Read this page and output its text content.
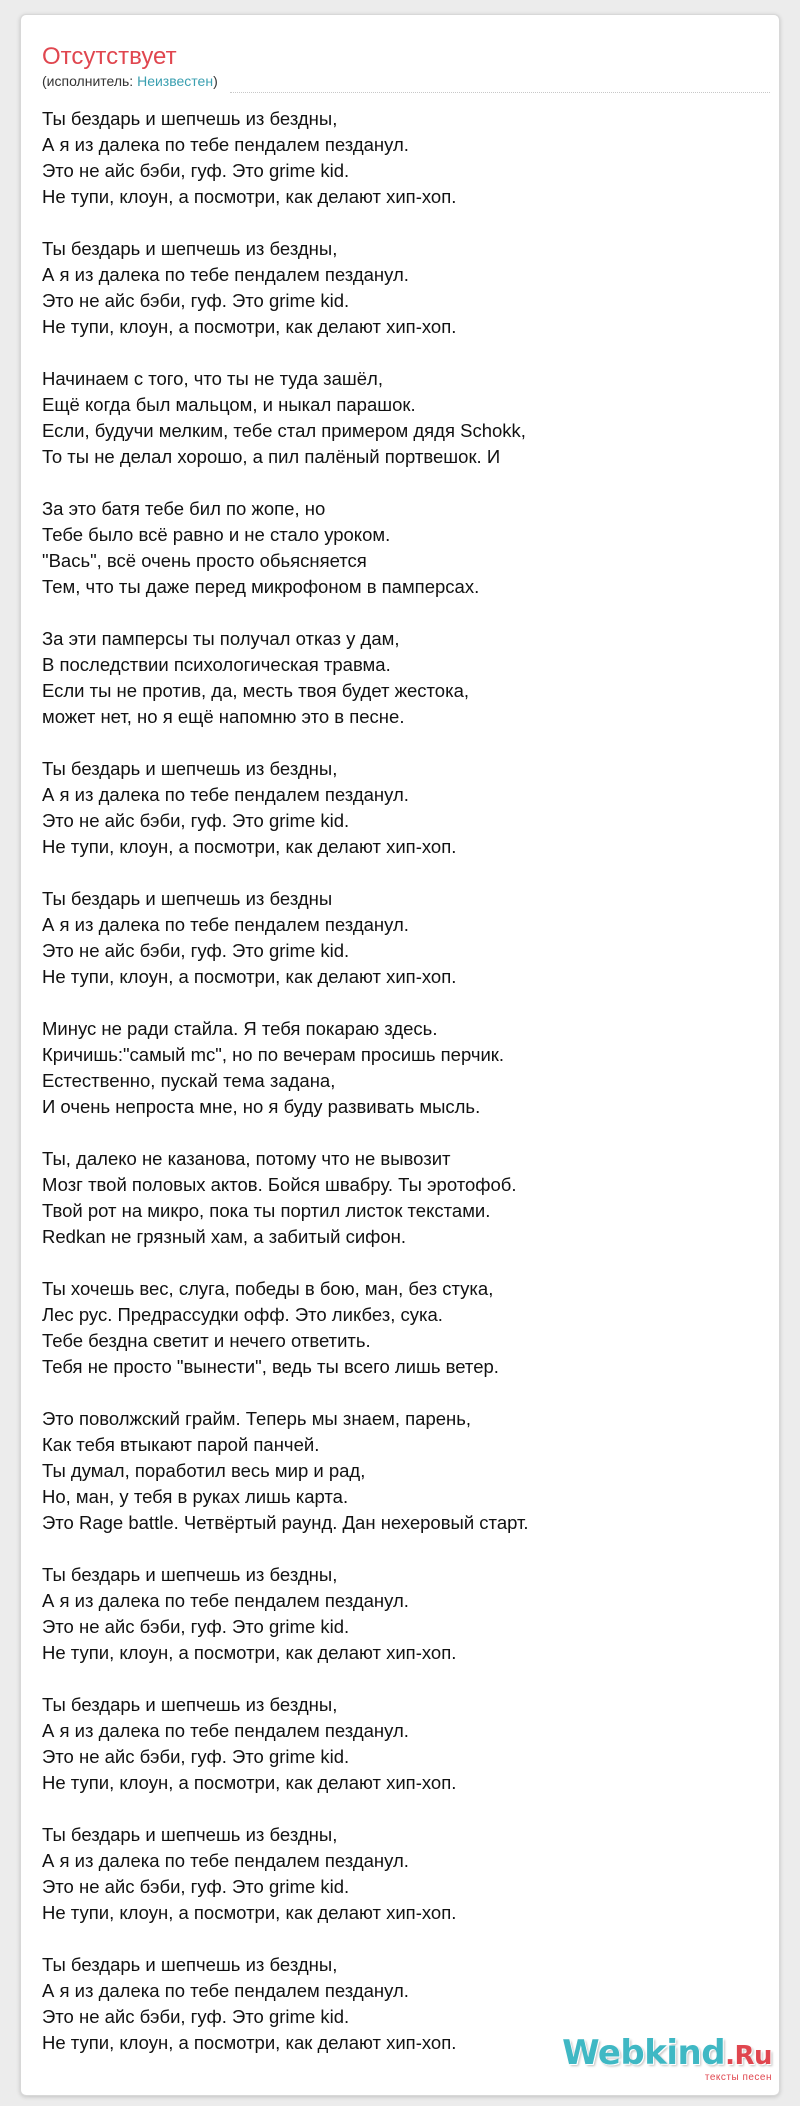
Отсутствует
(исполнитель: Неизвестен)
Ты бездарь и шепчешь из бездны,
А я из далека по тебе пендалем пезданул.
Это не айс бэби, гуф. Это grime kid.
Не тупи, клоун, а посмотри, как делают хип-хоп.
Ты бездарь и шепчешь из бездны,
А я из далека по тебе пендалем пезданул.
Это не айс бэби, гуф. Это grime kid.
Не тупи, клоун, а посмотри, как делают хип-хоп.
Начинаем с того, что ты не туда зашёл,
Ещё когда был мальцом, и ныкал парашок.
Если, будучи мелким, тебе стал примером дядя Schokk,
То ты не делал хорошо, а пил палёный портвешок. И
За это батя тебе бил по жопе, но
Тебе было всё равно и не стало уроком.
"Вась", всё очень просто обьясняется
Тем, что ты даже перед микрофоном в памперсах.
За эти памперсы ты получал отказ у дам,
В последствии психологическая травма.
Если ты не против, да, месть твоя будет жестока,
может нет, но я ещё напомню это в песне.
Ты бездарь и шепчешь из бездны,
А я из далека по тебе пендалем пезданул.
Это не айс бэби, гуф. Это grime kid.
Не тупи, клоун, а посмотри, как делают хип-хоп.
Ты бездарь и шепчешь из бездны
А я из далека по тебе пендалем пезданул.
Это не айс бэби, гуф. Это grime kid.
Не тупи, клоун, а посмотри, как делают хип-хоп.
Минус не ради стайла. Я тебя покараю здесь.
Кричишь:"самый mc", но по вечерам просишь перчик.
Естественно, пускай тема задана,
И очень непроста мне, но я буду развивать мысль.
Ты, далеко не казанова, потому что не вывозит
Мозг твой половых актов. Бойся швабру. Ты эротофоб.
Твой рот на микро, пока ты портил листок текстами.
Redkan не грязный хам, а забитый сифон.
Ты хочешь вес, слуга, победы в бою, ман, без стука,
Лес рус. Предрассудки офф. Это ликбез, сука.
Тебе бездна светит и нечего ответить.
Тебя не просто "вынести", ведь ты всего лишь ветер.
Это поволжский грайм. Теперь мы знаем, парень,
Как тебя втыкают парой панчей.
Ты думал, поработил весь мир и рад,
Но, ман, у тебя в руках лишь карта.
Это Rage battle. Четвёртый раунд. Дан нехеровый старт.
Ты бездарь и шепчешь из бездны,
А я из далека по тебе пендалем пезданул.
Это не айс бэби, гуф. Это grime kid.
Не тупи, клоун, а посмотри, как делают хип-хоп.
Ты бездарь и шепчешь из бездны,
А я из далека по тебе пендалем пезданул.
Это не айс бэби, гуф. Это grime kid.
Не тупи, клоун, а посмотри, как делают хип-хоп.
Ты бездарь и шепчешь из бездны,
А я из далека по тебе пендалем пезданул.
Это не айс бэби, гуф. Это grime kid.
Не тупи, клоун, а посмотри, как делают хип-хоп.
Ты бездарь и шепчешь из бездны,
А я из далека по тебе пендалем пезданул.
Это не айс бэби, гуф. Это grime kid.
Не тупи, клоун, а посмотри, как делают хип-хоп.	Webkind.Ru
тексты песен
